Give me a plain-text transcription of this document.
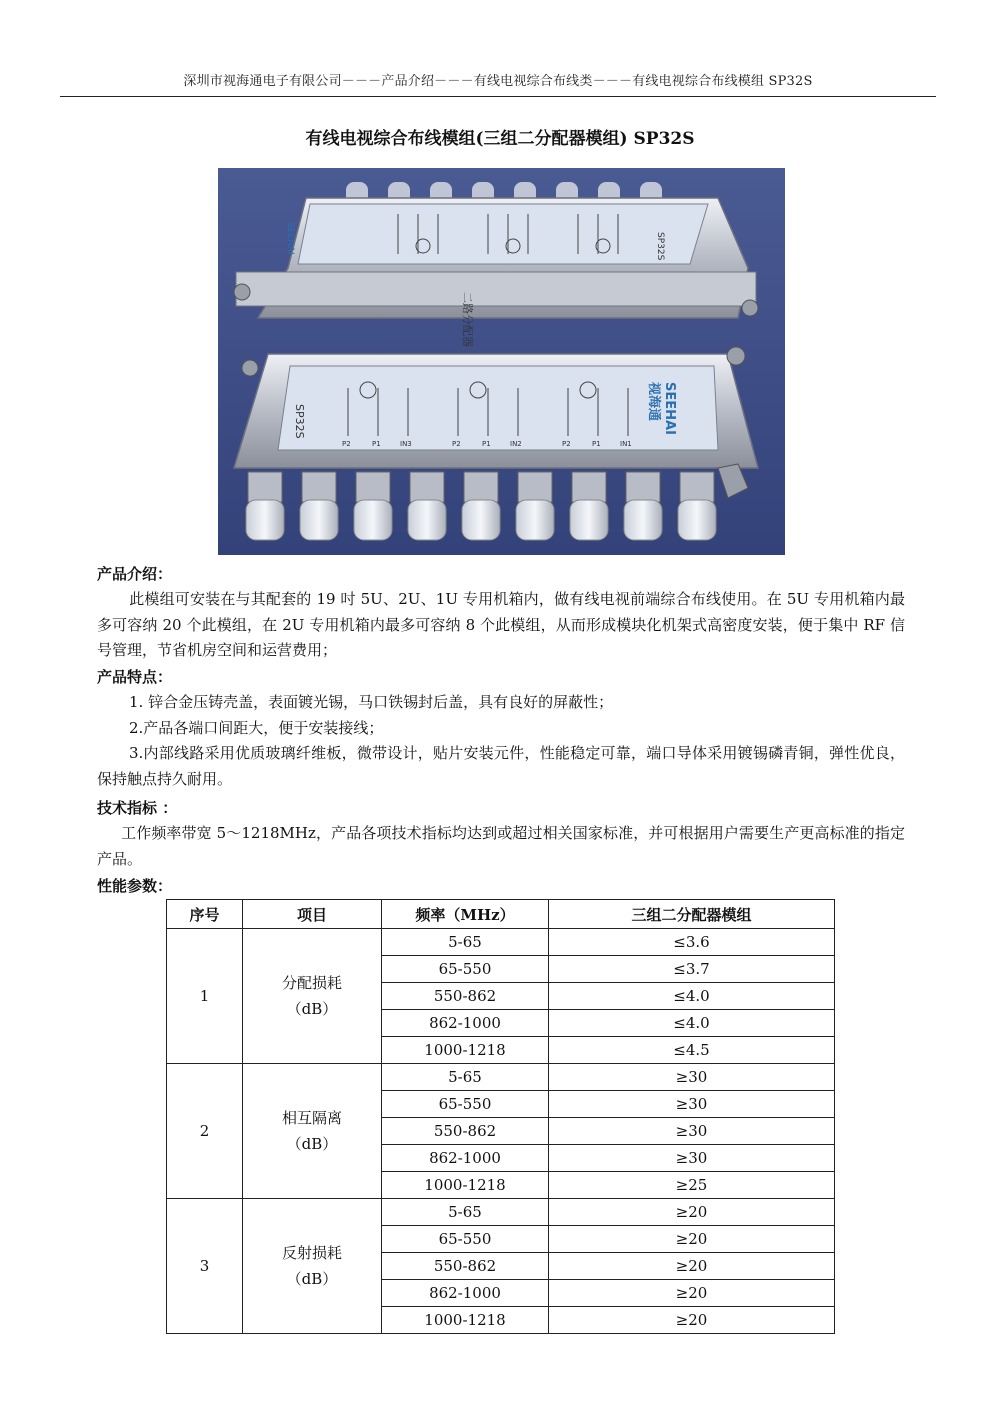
深圳市视海通电子有限公司－－－产品介绍－－－有线电视综合布线类－－－有线电视综合布线模组 SP32S
有线电视综合布线模组(三组二分配器模组) SP32S
二路分配器
SEEHAI	SP32S
SP32S
视海通 SEEHAI
P2	P1	IN3	P2	P1	IN2	P2	P1	IN1
产品介绍：
此模组可安装在与其配套的 19 吋 5U、2U、1U 专用机箱内，做有线电视前端综合布线使用。在 5U 专用机箱内最多可容纳 20 个此模组，在 2U 专用机箱内最多可容纳 8 个此模组，从而形成模块化机架式高密度安装，便于集中 RF 信号管理，节省机房空间和运营费用；
产品特点：
1. 锌合金压铸壳盖，表面镀光锡，马口铁锡封后盖，具有良好的屏蔽性；
2.产品各端口间距大，便于安装接线；
3.内部线路采用优质玻璃纤维板，微带设计，贴片安装元件，性能稳定可靠，端口导体采用镀锡磷青铜，弹性优良，保持触点持久耐用。
技术指标 ：
工作频率带宽 5～1218MHz，产品各项技术指标均达到或超过相关国家标准，并可根据用户需要生产更高标准的指定产品。
性能参数：
序号	项目	频率（MHz）	三组二分配器模组
1	分配损耗
（dB）	5-65	≤3.6
		65-550	≤3.7
		550-862	≤4.0
		862-1000	≤4.0
		1000-1218	≤4.5
2	相互隔离
（dB）	5-65	≥30
		65-550	≥30
		550-862	≥30
		862-1000	≥30
		1000-1218	≥25
3	反射损耗
（dB）	5-65	≥20
		65-550	≥20
		550-862	≥20
		862-1000	≥20
		1000-1218	≥20
